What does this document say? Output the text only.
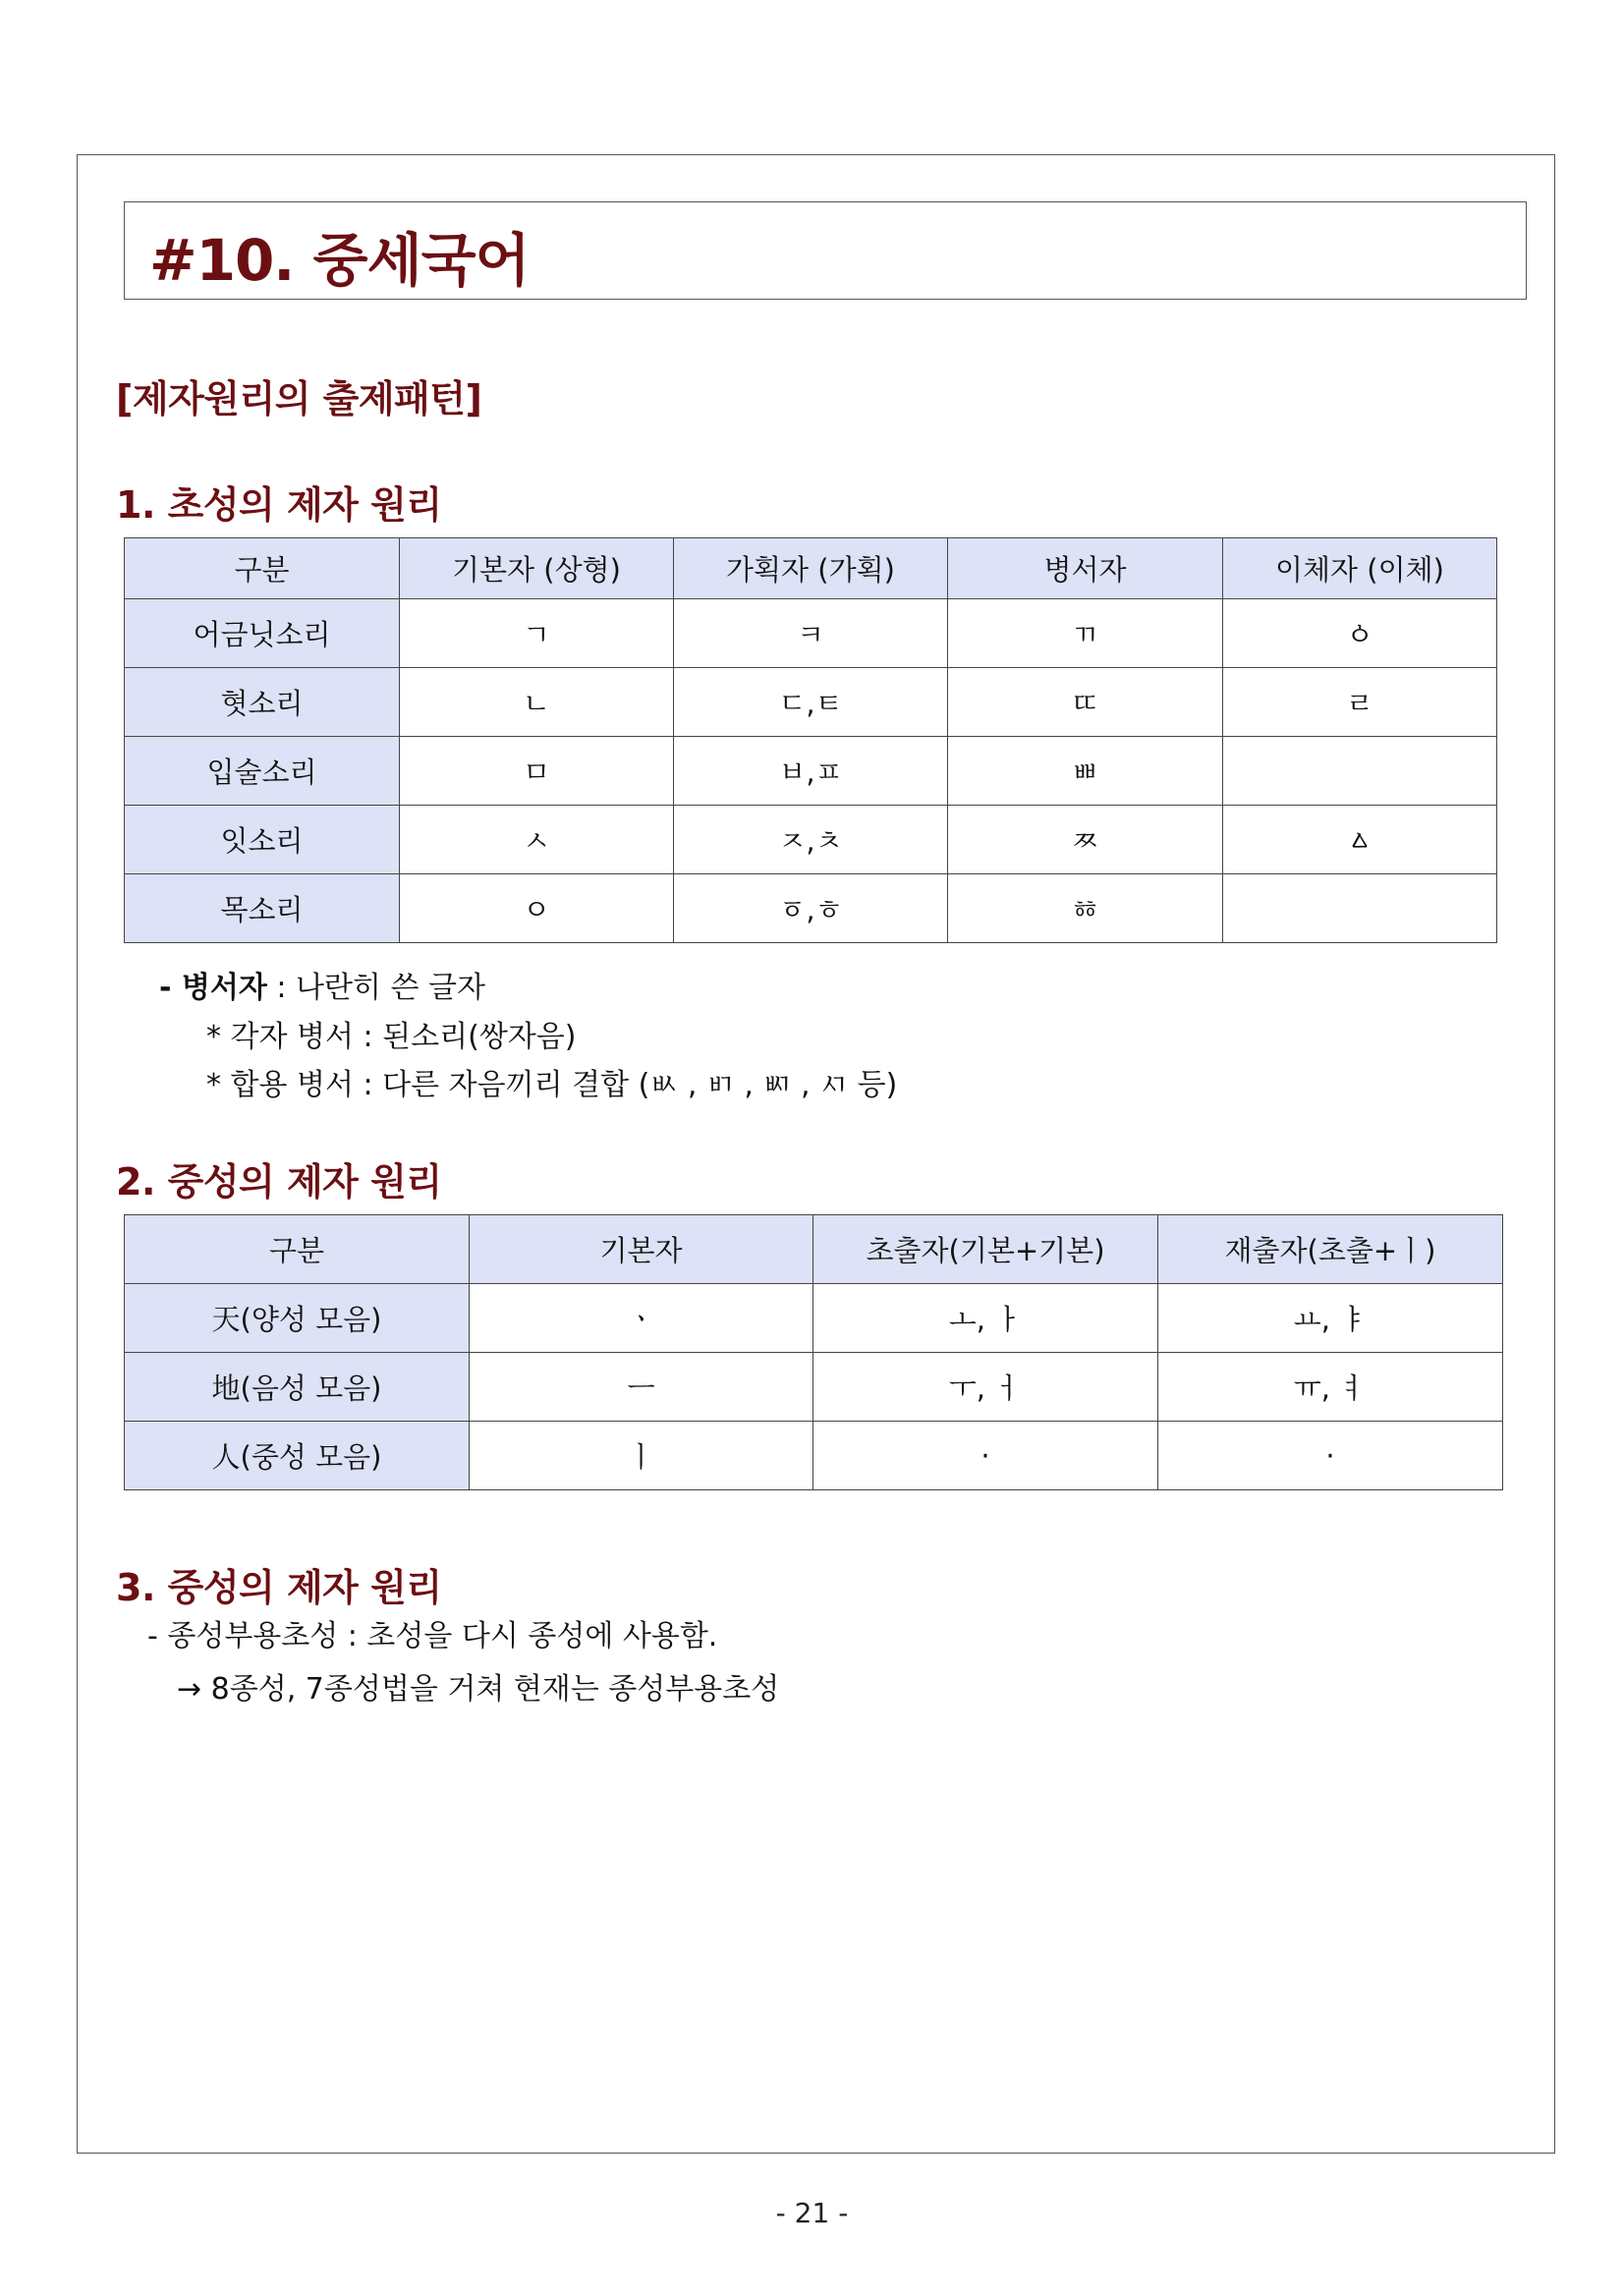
#10. 중세국어
[제자원리의 출제패턴]
1. 초성의 제자 원리
구분	기본자 (상형)	가획자 (가획)	병서자	이체자 (이체)
어금닛소리	ㄱ	ㅋ	ㄲ	ㆁ
혓소리	ㄴ	ㄷ,ㅌ	ㄸ	ㄹ
입술소리	ㅁ	ㅂ,ㅍ	ㅃ	
잇소리	ㅅ	ㅈ,ㅊ	ㅉ	ㅿ
목소리	ㅇ	ㆆ,ㅎ	ㆅ	
- 병서자 : 나란히 쓴 글자
* 각자 병서 : 된소리(쌍자음)
* 합용 병서 : 다른 자음끼리 결합 (ㅄ , ㅲ , ㅴ , ㅺ 등)
2. 중성의 제자 원리
구분	기본자	초출자(기본+기본)	재출자(초출+ㅣ)
天(양성 모음)	ㆍ	ㅗ, ㅏ	ㅛ, ㅑ
地(음성 모음)	ㅡ	ㅜ, ㅓ	ㅠ, ㅕ
人(중성 모음)	ㅣ	·	·
3. 중성의 제자 원리
- 종성부용초성 : 초성을 다시 종성에 사용함.
→ 8종성, 7종성법을 거쳐 현재는 종성부용초성
- 21 -
